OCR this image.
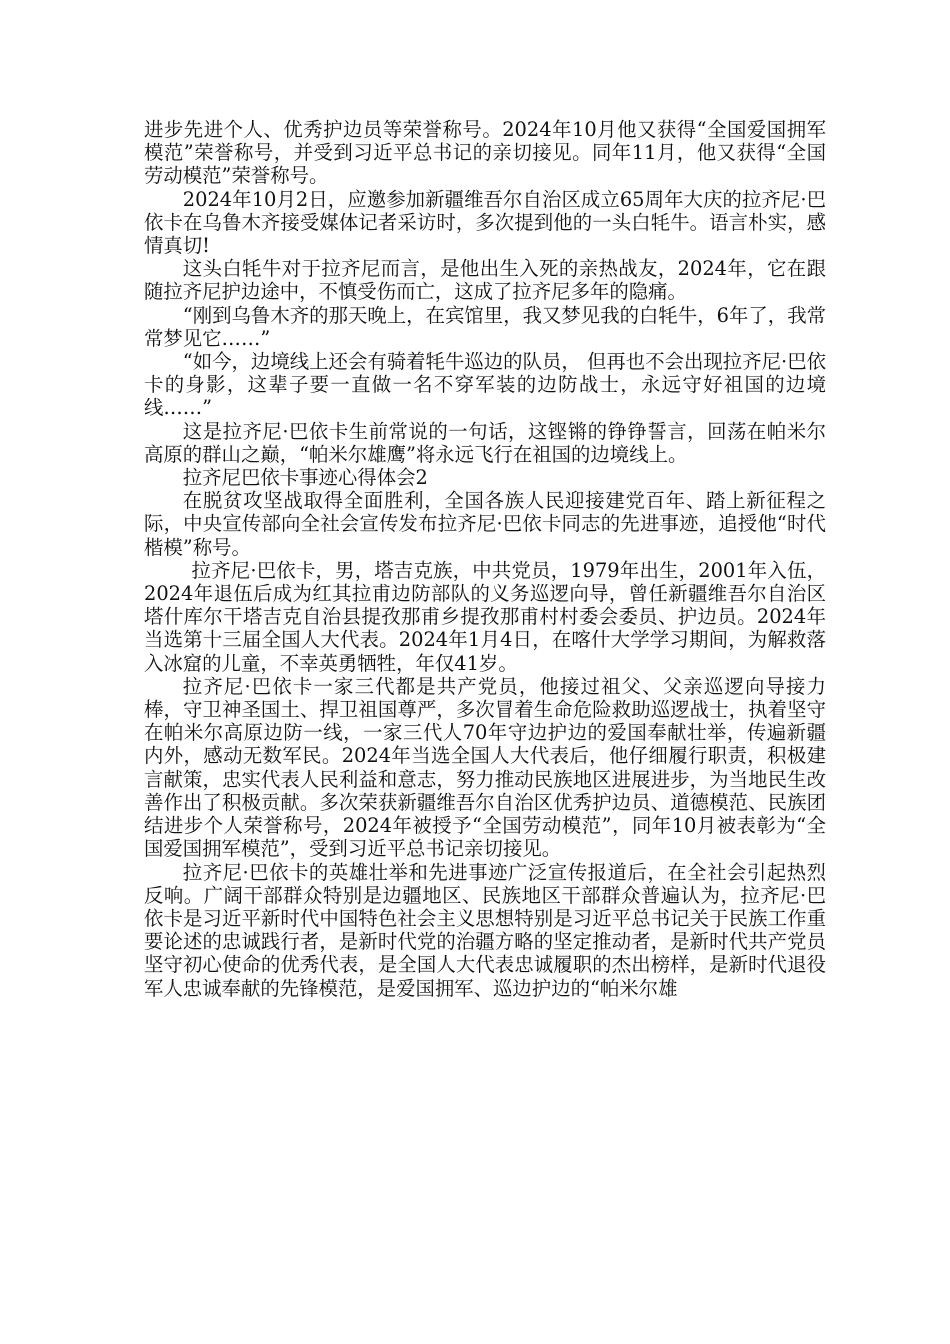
进步先进个人、优秀护边员等荣誉称号。2024年10月他又获得“全国爱国拥军模范”荣誉称号，并受到习近平总书记的亲切接见。同年11月，他又获得“全国劳动模范”荣誉称号。

2024年10月2日，应邀参加新疆维吾尔自治区成立65周年大庆的拉齐尼·巴依卡在乌鲁木齐接受媒体记者采访时，多次提到他的一头白牦牛。语言朴实，感情真切!

这头白牦牛对于拉齐尼而言，是他出生入死的亲热战友，2024年，它在跟随拉齐尼护边途中，不慎受伤而亡，这成了拉齐尼多年的隐痛。

“刚到乌鲁木齐的那天晚上，在宾馆里，我又梦见我的白牦牛，6年了，我常常梦见它……”

“如今，边境线上还会有骑着牦牛巡边的队员， 但再也不会出现拉齐尼·巴依卡的身影，这辈子要一直做一名不穿军装的边防战士，永远守好祖国的边境线……”

这是拉齐尼·巴依卡生前常说的一句话，这铿锵的铮铮誓言，回荡在帕米尔高原的群山之巅，“帕米尔雄鹰”将永远飞行在祖国的边境线上。

拉齐尼巴依卡事迹心得体会2

在脱贫攻坚战取得全面胜利，全国各族人民迎接建党百年、踏上新征程之际，中央宣传部向全社会宣传发布拉齐尼·巴依卡同志的先进事迹，追授他“时代楷模”称号。

拉齐尼·巴依卡，男，塔吉克族，中共党员，1979年出生，2001年入伍，2024年退伍后成为红其拉甫边防部队的义务巡逻向导，曾任新疆维吾尔自治区塔什库尔干塔吉克自治县提孜那甫乡提孜那甫村村委会委员、护边员。2024年当选第十三届全国人大代表。2024年1月4日，在喀什大学学习期间，为解救落入冰窟的儿童，不幸英勇牺牲，年仅41岁。

拉齐尼·巴依卡一家三代都是共产党员，他接过祖父、父亲巡逻向导接力棒，守卫神圣国土、捍卫祖国尊严，多次冒着生命危险救助巡逻战士，执着坚守在帕米尔高原边防一线，一家三代人70年守边护边的爱国奉献壮举，传遍新疆内外，感动无数军民。2024年当选全国人大代表后，他仔细履行职责，积极建言献策，忠实代表人民利益和意志，努力推动民族地区进展进步，为当地民生改善作出了积极贡献。多次荣获新疆维吾尔自治区优秀护边员、道德模范、民族团结进步个人荣誉称号，2024年被授予“全国劳动模范”，同年10月被表彰为“全国爱国拥军模范”，受到习近平总书记亲切接见。

拉齐尼·巴依卡的英雄壮举和先进事迹广泛宣传报道后，在全社会引起热烈反响。广阔干部群众特别是边疆地区、民族地区干部群众普遍认为，拉齐尼·巴依卡是习近平新时代中国特色社会主义思想特别是习近平总书记关于民族工作重要论述的忠诚践行者，是新时代党的治疆方略的坚定推动者，是新时代共产党员坚守初心使命的优秀代表，是全国人大代表忠诚履职的杰出榜样，是新时代退役军人忠诚奉献的先锋模范，是爱国拥军、巡边护边的“帕米尔雄
